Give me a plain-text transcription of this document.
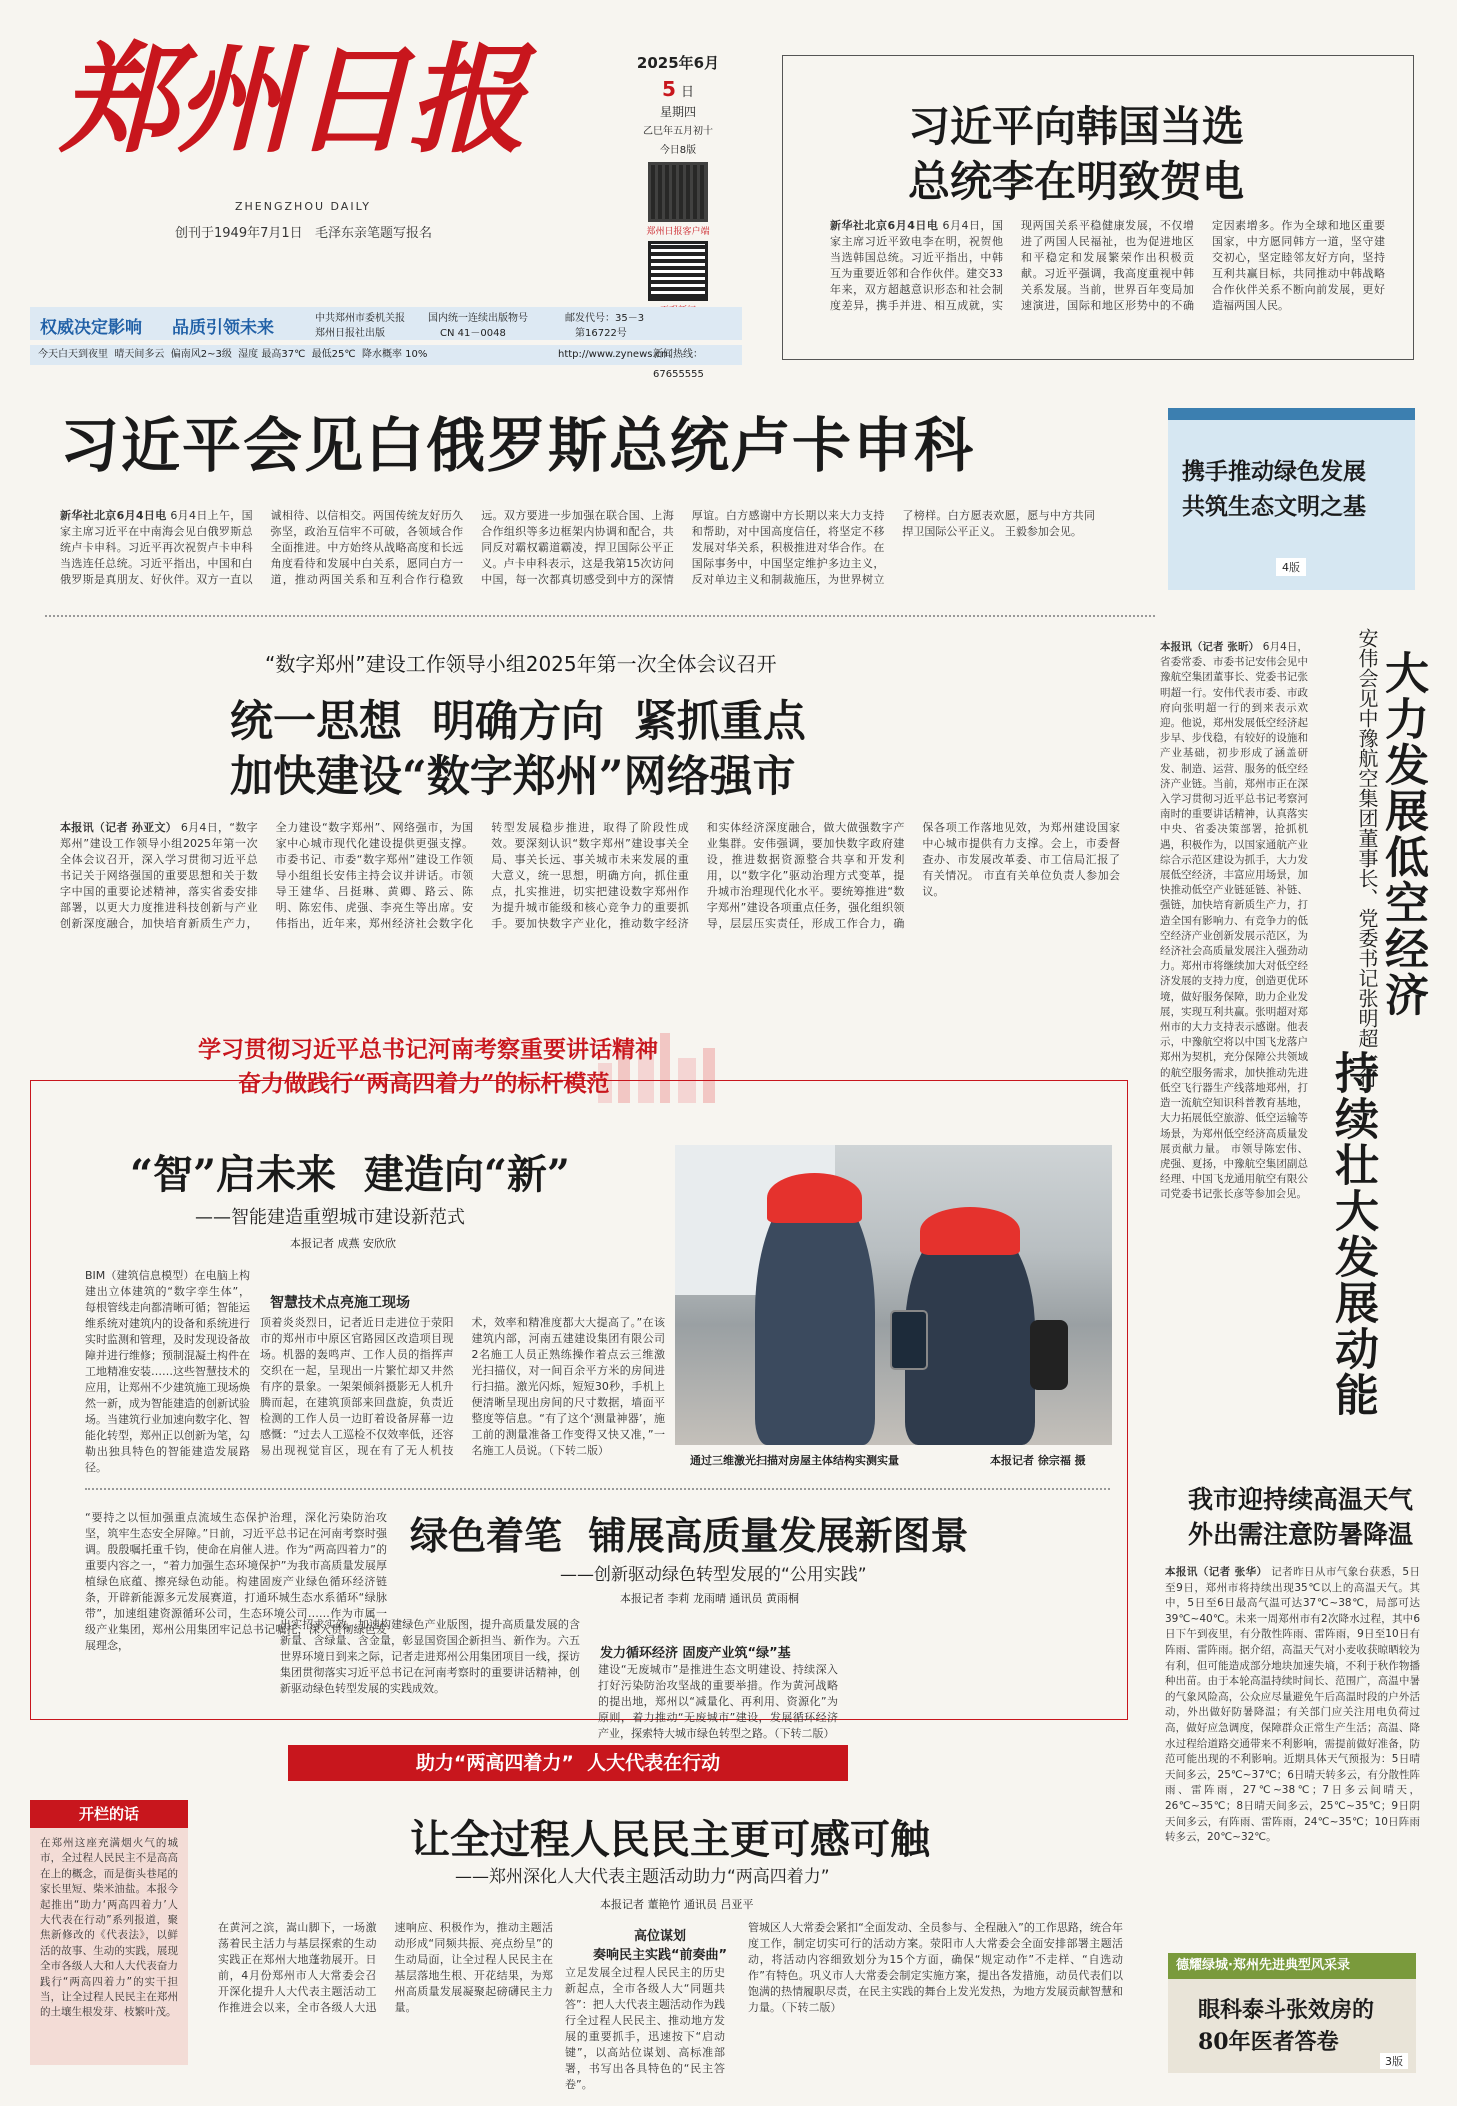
郑州日报
ZHENGZHOU DAILY
创刊于1949年7月1日   毛泽东亲笔题写报名
2025年6月
5 日
星期四
乙巳年五月初十
今日8版
郑州日报客户端
权威决定影响 品质引领未来	中共郑州市委机关报
郑州日报社出版
国内统一连续出版物号
CN 41－0048
邮发代号：35－3
第16722号
今天白天到夜里  晴天间多云  偏南风2~3级  湿度 最高37℃  最低25℃  降水概率 10%	http://www.zynews.cn
新闻热线：67655555
习近平向韩国当选
总统李在明致贺电
新华社北京6月4日电 6月4日，国家主席习近平致电李在明，祝贺他当选韩国总统。习近平指出，中韩互为重要近邻和合作伙伴。建交33年来，双方超越意识形态和社会制度差异，携手并进、相互成就，实现两国关系平稳健康发展，不仅增进了两国人民福祉，也为促进地区和平稳定和发展繁荣作出积极贡献。习近平强调，我高度重视中韩关系发展。当前，世界百年变局加速演进，国际和地区形势中的不确定因素增多。作为全球和地区重要国家，中方愿同韩方一道，坚守建交初心，坚定睦邻友好方向，坚持互利共赢目标，共同推动中韩战略合作伙伴关系不断向前发展，更好造福两国人民。
习近平会见白俄罗斯总统卢卡申科
新华社北京6月4日电 6月4日上午，国家主席习近平在中南海会见白俄罗斯总统卢卡申科。习近平再次祝贺卢卡申科当选连任总统。习近平指出，中国和白俄罗斯是真朋友、好伙伴。双方一直以诚相待、以信相交。两国传统友好历久弥坚，政治互信牢不可破，各领域合作全面推进。中方始终从战略高度和长远角度看待和发展中白关系，愿同白方一道，推动两国关系和互利合作行稳致远。双方要进一步加强在联合国、上海合作组织等多边框架内协调和配合，共同反对霸权霸道霸凌，捍卫国际公平正义。卢卡申科表示，这是我第15次访问中国，每一次都真切感受到中方的深情厚谊。白方感谢中方长期以来大力支持和帮助，对中国高度信任，将坚定不移发展对华关系，积极推进对华合作。在国际事务中，中国坚定维护多边主义，反对单边主义和制裁施压，为世界树立了榜样。白方愿表欢愿，愿与中方共同捍卫国际公平正义。 王毅参加会见。
携手推动绿色发展
共筑生态文明之基
4版
“数字郑州”建设工作领导小组2025年第一次全体会议召开
统一思想  明确方向  紧抓重点
加快建设“数字郑州”网络强市
本报讯（记者 孙亚文） 6月4日，“数字郑州”建设工作领导小组2025年第一次全体会议召开，深入学习贯彻习近平总书记关于网络强国的重要思想和关于数字中国的重要论述精神，落实省委安排部署，以更大力度推进科技创新与产业创新深度融合，加快培育新质生产力，全力建设“数字郑州”、网络强市，为国家中心城市现代化建设提供更强支撑。市委书记、市委“数字郑州”建设工作领导小组组长安伟主持会议并讲话。市领导王建华、吕挺琳、黄卿、路云、陈明、陈宏伟、虎强、李亮生等出席。安伟指出，近年来，郑州经济社会数字化转型发展稳步推进，取得了阶段性成效。要深刻认识“数字郑州”建设事关全局、事关长远、事关城市未来发展的重大意义，统一思想，明确方向，抓住重点，扎实推进，切实把建设数字郑州作为提升城市能级和核心竞争力的重要抓手。要加快数字产业化，推动数字经济和实体经济深度融合，做大做强数字产业集群。安伟强调，要加快数字政府建设，推进数据资源整合共享和开发利用，以“数字化”驱动治理方式变革，提升城市治理现代化水平。要统筹推进“数字郑州”建设各项重点任务，强化组织领导，层层压实责任，形成工作合力，确保各项工作落地见效，为郑州建设国家中心城市提供有力支撑。会上，市委督查办、市发展改革委、市工信局汇报了有关情况。 市直有关单位负责人参加会议。
本报讯（记者 张昕） 6月4日，省委常委、市委书记安伟会见中豫航空集团董事长、党委书记张明超一行。安伟代表市委、市政府向张明超一行的到来表示欢迎。他说，郑州发展低空经济起步早、步伐稳，有较好的设施和产业基础，初步形成了涵盖研发、制造、运营、服务的低空经济产业链。当前，郑州市正在深入学习贯彻习近平总书记考察河南时的重要讲话精神，认真落实中央、省委决策部署，抢抓机遇，积极作为，以国家通航产业综合示范区建设为抓手，大力发展低空经济，丰富应用场景，加快推动低空产业链延链、补链、强链，加快培育新质生产力，打造全国有影响力、有竞争力的低空经济产业创新发展示范区，为经济社会高质量发展注入强劲动力。郑州市将继续加大对低空经济发展的支持力度，创造更优环境，做好服务保障，助力企业发展，实现互利共赢。张明超对郑州市的大力支持表示感谢。他表示，中豫航空将以中国飞龙落户郑州为契机，充分保障公共领域的航空服务需求，加快推动先进低空飞行器生产线落地郑州，打造一流航空知识科普教育基地，大力拓展低空旅游、低空运输等场景，为郑州低空经济高质量发展贡献力量。 市领导陈宏伟、虎强、夏扬，中豫航空集团副总经理、中国飞龙通用航空有限公司党委书记张长彦等参加会见。
大力发展低空经济
持续壮大发展动能
安伟会见中豫航空集团董事长、党委书记张明超一行
我市迎持续高温天气
外出需注意防暑降温
本报讯（记者 张华） 记者昨日从市气象台获悉，5日至9日，郑州市将持续出现35℃以上的高温天气。其中，5日至6日最高气温可达37℃~38℃，局部可达39℃~40℃。未来一周郑州市有2次降水过程，其中6日下午到夜里，有分散性阵雨、雷阵雨，9日至10日有阵雨、雷阵雨。据介绍，高温天气对小麦收获晾晒较为有利，但可能造成部分地块加速失墒，不利于秋作物播种出苗。由于本轮高温持续时间长、范围广，高温中暑的气象风险高，公众应尽量避免午后高温时段的户外活动，外出做好防暑降温；有关部门应关注用电负荷过高，做好应急调度，保障群众正常生产生活；高温、降水过程给道路交通带来不利影响，需提前做好准备，防范可能出现的不利影响。近期具体天气预报为：5日晴天间多云，25℃~37℃；6日晴天转多云，有分散性阵雨、雷阵雨，27℃~38℃；7日多云间晴天，26℃~35℃；8日晴天间多云，25℃~35℃；9日阴天间多云，有阵雨、雷阵雨，24℃~35℃；10日阵雨转多云，20℃~32℃。
学习贯彻习近平总书记河南考察重要讲话精神
奋力做践行“两高四着力”的标杆模范
“智”启未来  建造向“新”
——智能建造重塑城市建设新范式
本报记者 成燕 安欣欣
BIM（建筑信息模型）在电脑上构建出立体建筑的“数字孪生体”，每根管线走向都清晰可循；智能运维系统对建筑内的设备和系统进行实时监测和管理，及时发现设备故障并进行维修；预制混凝土构件在工地精准安装……这些智慧技术的应用，让郑州不少建筑施工现场焕然一新，成为智能建造的创新试验场。当建筑行业加速向数字化、智能化转型，郑州正以创新为笔，勾勒出独具特色的智能建造发展路径。
智慧技术点亮施工现场
顶着炎炎烈日，记者近日走进位于荥阳市的郑州市中原区官路园区改造项目现场。机器的轰鸣声、工作人员的指挥声交织在一起，呈现出一片繁忙却又井然有序的景象。一架架倾斜摄影无人机升腾而起，在建筑顶部来回盘旋，负责近检测的工作人员一边盯着设备屏幕一边感慨：“过去人工巡检不仅效率低，还容易出现视觉盲区，现在有了无人机技术，效率和精准度都大大提高了。”在该建筑内部，河南五建建设集团有限公司2名施工人员正熟练操作着点云三维激光扫描仪，对一间百余平方米的房间进行扫描。激光闪烁，短短30秒，手机上便清晰呈现出房间的尺寸数据，墙面平整度等信息。“有了这个‘测量神器’，施工前的测量准备工作变得又快又准，”一名施工人员说。（下转二版）
通过三维激光扫描对房屋主体结构实测实量	本报记者 徐宗福 摄
绿色着笔  铺展高质量发展新图景
——创新驱动绿色转型发展的“公用实践”
本报记者 李莉 龙雨晴 通讯员 黄雨桐
“要持之以恒加强重点流域生态保护治理，深化污染防治攻坚，筑牢生态安全屏障。”日前，习近平总书记在河南考察时强调。殷殷嘱托重千钧，使命在肩催人进。作为“两高四着力”的重要内容之一，“着力加强生态环境保护”为我市高质量发展厚植绿色底蕴、擦亮绿色动能。构建固废产业绿色循环经济链条，开辟新能源多元发展赛道，打通环城生态水系循环“绿脉带”，加速组建资源循环公司，生态环境公司……作为市属一级产业集团，郑州公用集团牢记总书记嘱托，深入贯彻绿色发展理念，
出实招求实效，加速构建绿色产业版图，提升高质量发展的含新量、含绿量、含金量，彰显国资国企新担当、新作为。六五世界环境日到来之际，记者走进郑州公用集团项目一线，探访集团贯彻落实习近平总书记在河南考察时的重要讲话精神，创新驱动绿色转型发展的实践成效。
发力循环经济 固废产业筑“绿”基
建设“无废城市”是推进生态文明建设、持续深入打好污染防治攻坚战的重要举措。作为黄河战略的提出地，郑州以“减量化、再利用、资源化”为原则，着力推动“无废城市”建设，发展循环经济产业，探索特大城市绿色转型之路。（下转二版）
助力“两高四着力”  人大代表在行动
开栏的话
在郑州这座充满烟火气的城市，全过程人民民主不是高高在上的概念，而是街头巷尾的家长里短、柴米油盐。本报今起推出“助力‘两高四着力’人大代表在行动”系列报道，聚焦新修改的《代表法》，以鲜活的故事、生动的实践，展现全市各级人大和人大代表奋力践行“两高四着力”的实干担当，让全过程人民民主在郑州的土壤生根发芽、枝繁叶茂。
让全过程人民民主更可感可触
——郑州深化人大代表主题活动助力“两高四着力”
本报记者 董艳竹 通讯员 吕亚平
在黄河之滨，嵩山脚下，一场激荡着民主活力与基层探索的生动实践正在郑州大地蓬勃展开。日前，4月份郑州市人大常委会召开深化提升人大代表主题活动工作推进会以来，全市各级人大迅速响应、积极作为，推动主题活动形成“同频共振、亮点纷呈”的生动局面，让全过程人民民主在基层落地生根、开花结果，为郑州高质量发展凝聚起磅礴民主力量。
高位谋划
奏响民主实践“前奏曲”
立足发展全过程人民民主的历史新起点，全市各级人大“同题共答”：把人大代表主题活动作为践行全过程人民民主、推动地方发展的重要抓手，迅速按下“启动键”，以高站位谋划、高标准部署，书写出各具特色的“民主答卷”。
管城区人大常委会紧扣“全面发动、全员参与、全程融入”的工作思路，统合年度工作，制定切实可行的活动方案。荥阳市人大常委会全面安排部署主题活动，将活动内容细致划分为15个方面，确保“规定动作”不走样、“自选动作”有特色。巩义市人大常委会制定实施方案，提出各发措施，动员代表们以饱满的热情履职尽责，在民主实践的舞台上发光发热，为地方发展贡献智慧和力量。（下转二版）
德耀绿城·郑州先进典型风采录
眼科泰斗张效房的
80年医者答卷
3版
